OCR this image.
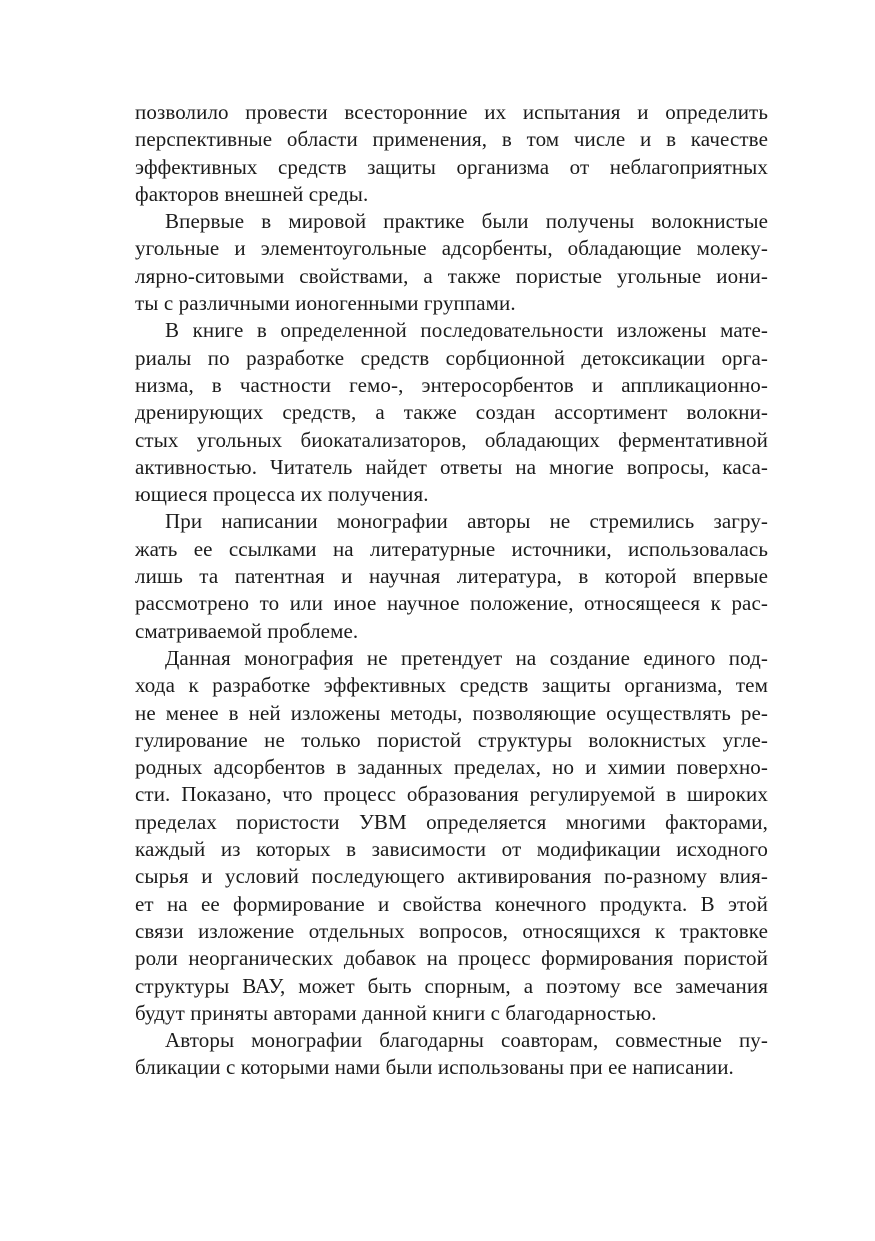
позволило провести всесторонние их испытания и определить
перспективные области применения, в том числе и в качестве
эффективных средств защиты организма от неблагоприятных
факторов внешней среды.
Впервые в мировой практике были получены волокнистые
угольные и элементоугольные адсорбенты, обладающие молеку-
лярно-ситовыми свойствами, а также пористые угольные иони-
ты с различными ионогенными группами.
В книге в определенной последовательности изложены мате-
риалы по разработке средств сорбционной детоксикации орга-
низма, в частности гемо-, энтеросорбентов и аппликационно-
дренирующих средств, а также создан ассортимент волокни-
стых угольных биокатализаторов, обладающих ферментативной
активностью. Читатель найдет ответы на многие вопросы, каса-
ющиеся процесса их получения.
При написании монографии авторы не стремились загру-
жать ее ссылками на литературные источники, использовалась
лишь та патентная и научная литература, в которой впервые
рассмотрено то или иное научное положение, относящееся к рас-
сматриваемой проблеме.
Данная монография не претендует на создание единого под-
хода к разработке эффективных средств защиты организма, тем
не менее в ней изложены методы, позволяющие осуществлять ре-
гулирование не только пористой структуры волокнистых угле-
родных адсорбентов в заданных пределах, но и химии поверхно-
сти. Показано, что процесс образования регулируемой в широких
пределах пористости УВМ определяется многими факторами,
каждый из которых в зависимости от модификации исходного
сырья и условий последующего активирования по-разному влия-
ет на ее формирование и свойства конечного продукта. В этой
связи изложение отдельных вопросов, относящихся к трактовке
роли неорганических добавок на процесс формирования пористой
структуры ВАУ, может быть спорным, а поэтому все замечания
будут приняты авторами данной книги с благодарностью.
Авторы монографии благодарны соавторам, совместные пу-
бликации с которыми нами были использованы при ее написании.
